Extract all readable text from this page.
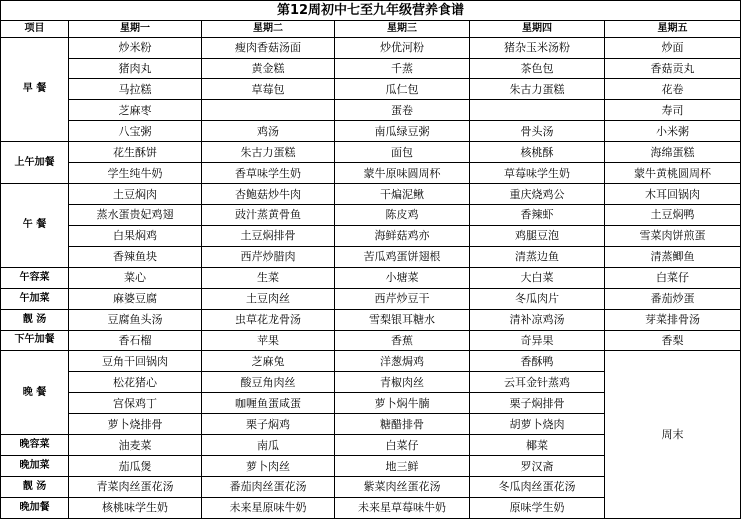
第12周初中七至九年级营养食谱					
项目	星期一	星期二	星期三	星期四	星期五
早 餐	炒米粉	瘦肉香菇汤面	炒优河粉	猪杂玉米汤粉	炒面
	猪肉丸	黄金糕	千蒸	茶色包	香菇贡丸
	马拉糕	草莓包	瓜仁包	朱古力蛋糕	花卷
	芝麻枣		蛋卷		寿司
	八宝粥	鸡汤	南瓜绿豆粥	骨头汤	小米粥
上午加餐	花生酥饼	朱古力蛋糕	面包	核桃酥	海绵蛋糕
	学生纯牛奶	香草味学生奶	蒙牛原味圆周杯	草莓味学生奶	蒙牛黄桃圆周杯
午 餐	土豆焖肉	杏鲍菇炒牛肉	干煸泥鳅	重庆烧鸡公	木耳回锅肉
	蒸水蛋贵妃鸡翅	豉汁蒸黄骨鱼	陈皮鸡	香辣虾	土豆焖鸭
	白果焖鸡	土豆焖排骨	海鲜菇鸡亦	鸡腿豆泡	雪菜肉饼煎蛋
	香辣鱼块	西芹炒腊肉	苦瓜鸡蛋饼翅根	清蒸边鱼	清蒸鲫鱼
午容菜	菜心	生菜	小塘菜	大白菜	白菜仔
午加菜	麻婆豆腐	土豆肉丝	西芹炒豆干	冬瓜肉片	番茄炒蛋
靓 汤	豆腐鱼头汤	虫草花龙骨汤	雪梨银耳糖水	清补凉鸡汤	芽菜排骨汤
下午加餐	香石榴	苹果	香蕉	奇异果	香梨
晚 餐	豆角干回锅肉	芝麻兔	洋葱焗鸡	香酥鸭	周末
	松花猪心	酸豆角肉丝	青椒肉丝	云耳金针蒸鸡	
	宫保鸡丁	咖喱鱼蛋咸蛋	萝卜焖牛腩	栗子焖排骨	
	萝卜烧排骨	栗子焖鸡	糖醋排骨	胡萝卜烧肉	
晚容菜	油麦菜	南瓜	白菜仔	椰菜	
晚加菜	茄瓜煲	萝卜肉丝	地三鲜	罗汉斋	
靓 汤	青菜肉丝蛋花汤	番茄肉丝蛋花汤	紫菜肉丝蛋花汤	冬瓜肉丝蛋花汤	
晚加餐	核桃味学生奶	未来星原味牛奶	未来星草莓味牛奶	原味学生奶	
